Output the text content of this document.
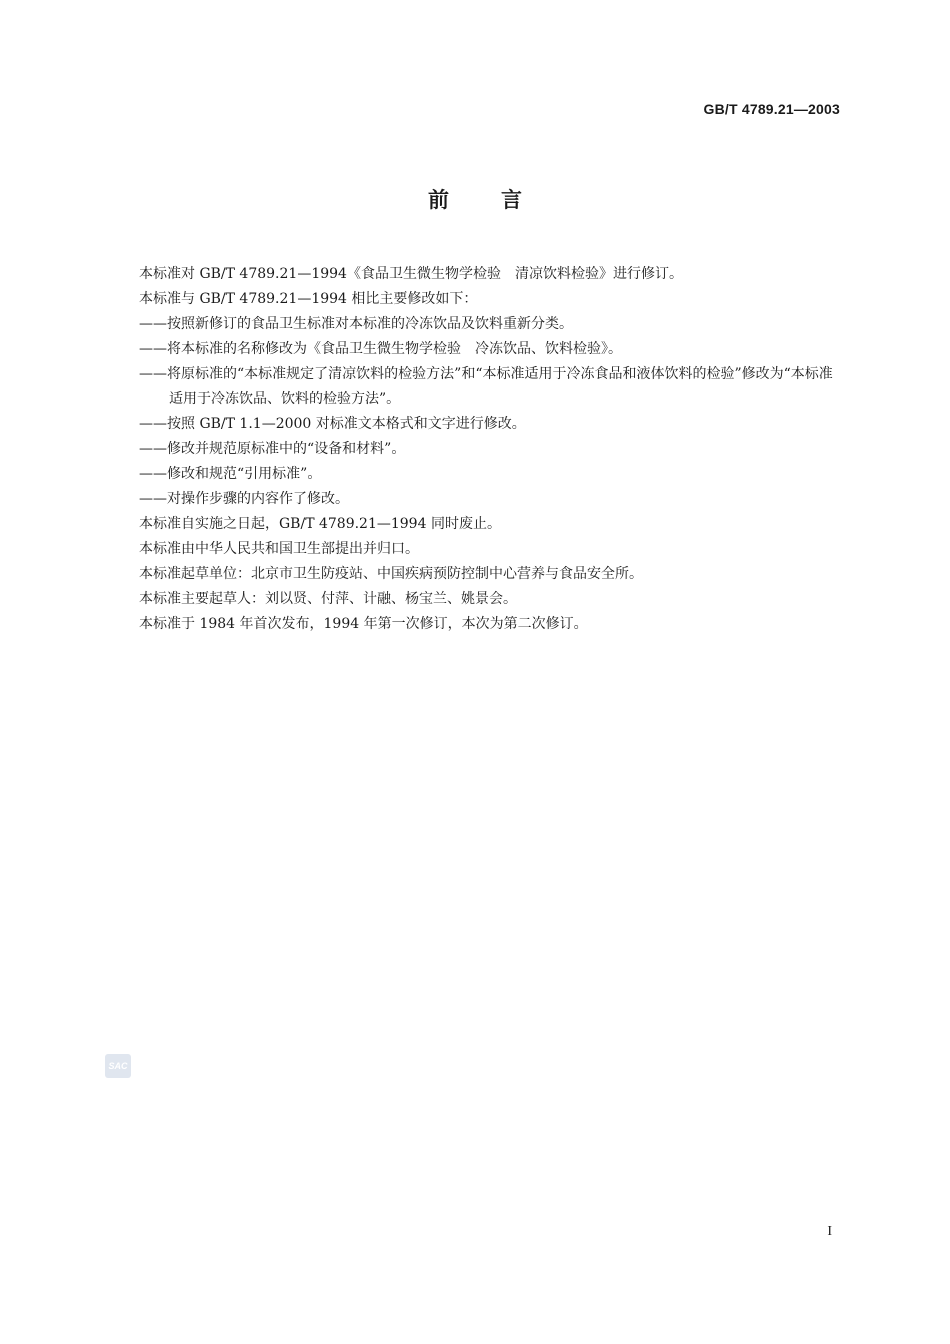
GB/T 4789.21—2003
前言
本标准对 GB/T 4789.21—1994《食品卫生微生物学检验　清凉饮料检验》进行修订。
本标准与 GB/T 4789.21—1994 相比主要修改如下：
——按照新修订的食品卫生标准对本标准的冷冻饮品及饮料重新分类。
——将本标准的名称修改为《食品卫生微生物学检验　冷冻饮品、饮料检验》。
——将原标准的“本标准规定了清凉饮料的检验方法”和“本标准适用于冷冻食品和液体饮料的检验”修改为“本标准适用于冷冻饮品、饮料的检验方法”。
——按照 GB/T 1.1—2000 对标准文本格式和文字进行修改。
——修改并规范原标准中的“设备和材料”。
——修改和规范“引用标准”。
——对操作步骤的内容作了修改。
本标准自实施之日起，GB/T 4789.21—1994 同时废止。
本标准由中华人民共和国卫生部提出并归口。
本标准起草单位：北京市卫生防疫站、中国疾病预防控制中心营养与食品安全所。
本标准主要起草人：刘以贤、付萍、计融、杨宝兰、姚景会。
本标准于 1984 年首次发布，1994 年第一次修订，本次为第二次修订。
SAC
I
